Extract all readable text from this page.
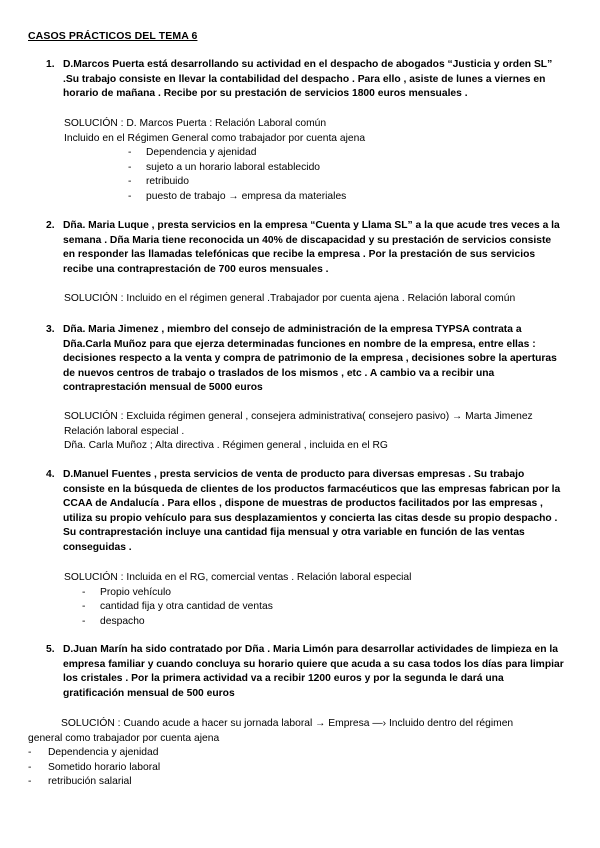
CASOS PRÁCTICOS DEL TEMA 6
1. D.Marcos Puerta está desarrollando su actividad en el despacho de abogados “Justicia y orden SL” .Su trabajo consiste en llevar la contabilidad del despacho . Para ello , asiste de lunes a viernes en horario de mañana . Recibe por su prestación de servicios 1800 euros mensuales .
SOLUCIÓN : D. Marcos Puerta : Relación Laboral común
Incluido en el Régimen General como trabajador por cuenta ajena
- Dependencia y ajenidad
- sujeto a un horario laboral establecido
- retribuido
- puesto de trabajo → empresa da materiales
2. Dña. Maria Luque , presta servicios en la empresa “Cuenta y Llama SL” a la que acude tres veces a la semana . Dña Maria tiene reconocida un 40% de discapacidad y su prestación de servicios consiste en responder las llamadas telefónicas que recibe la empresa . Por la prestación de sus servicios recibe una contraprestación de 700 euros mensuales .
SOLUCIÓN : Incluido en el régimen general .Trabajador por cuenta ajena . Relación laboral común
3. Dña. Maria Jimenez , miembro del consejo de administración de la empresa TYPSA contrata a Dña.Carla Muñoz para que ejerza determinadas funciones en nombre de la empresa, entre ellas : decisiones respecto a la venta y compra de patrimonio de la empresa , decisiones sobre la aperturas de nuevos centros de trabajo o traslados de los mismos , etc . A cambio va a recibir una contraprestación mensual de 5000 euros
SOLUCIÓN : Excluida régimen general , consejera administrativa( consejero pasivo) → Marta Jimenez
Relación laboral especial .
Dña. Carla Muñoz ; Alta directiva . Régimen general , incluida en el RG
4. D.Manuel Fuentes , presta servicios de venta de producto para diversas empresas . Su trabajo consiste en la búsqueda de clientes de los productos farmacéuticos que las empresas fabrican por la CCAA de Andalucía . Para ellos , dispone de muestras de productos facilitados por las empresas , utiliza su propio vehículo para sus desplazamientos y concierta las citas desde su propio despacho . Su contraprestación incluye una cantidad fija mensual y otra variable en función de las ventas conseguidas .
SOLUCIÓN : Incluida en el RG, comercial ventas . Relación laboral especial
- Propio vehículo
- cantidad fija y otra cantidad de ventas
- despacho
5. D.Juan Marín ha sido contratado por Dña . Maria Limón para desarrollar actividades de limpieza en la empresa familiar y cuando concluya su horario quiere que acuda a su casa todos los días para limpiar los cristales . Por la primera actividad va a recibir 1200 euros y por la segunda le dará una gratificación mensual de 500 euros
SOLUCIÓN : Cuando acude a hacer su jornada laboral → Empresa —› Incluido dentro del régimen
general como trabajador por cuenta ajena
- Dependencia y ajenidad
- Sometido horario laboral
- retribución salarial
